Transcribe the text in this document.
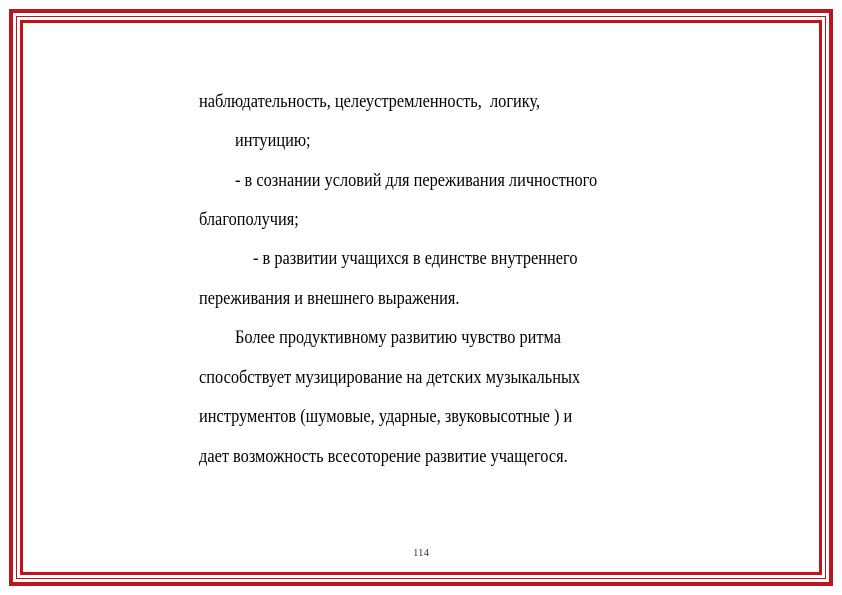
наблюдательность, целеустремленность,  логику,
интуицию;
- в сознании условий для переживания личностного
благополучия;
- в развитии учащихся в единстве внутреннего
переживания и внешнего выражения.
Более продуктивному развитию чувство ритма
способствует музицирование на детских музыкальных
инструментов (шумовые, ударные, звуковысотные ) и
дает возможность всесоторение развитие учащегося.
114
